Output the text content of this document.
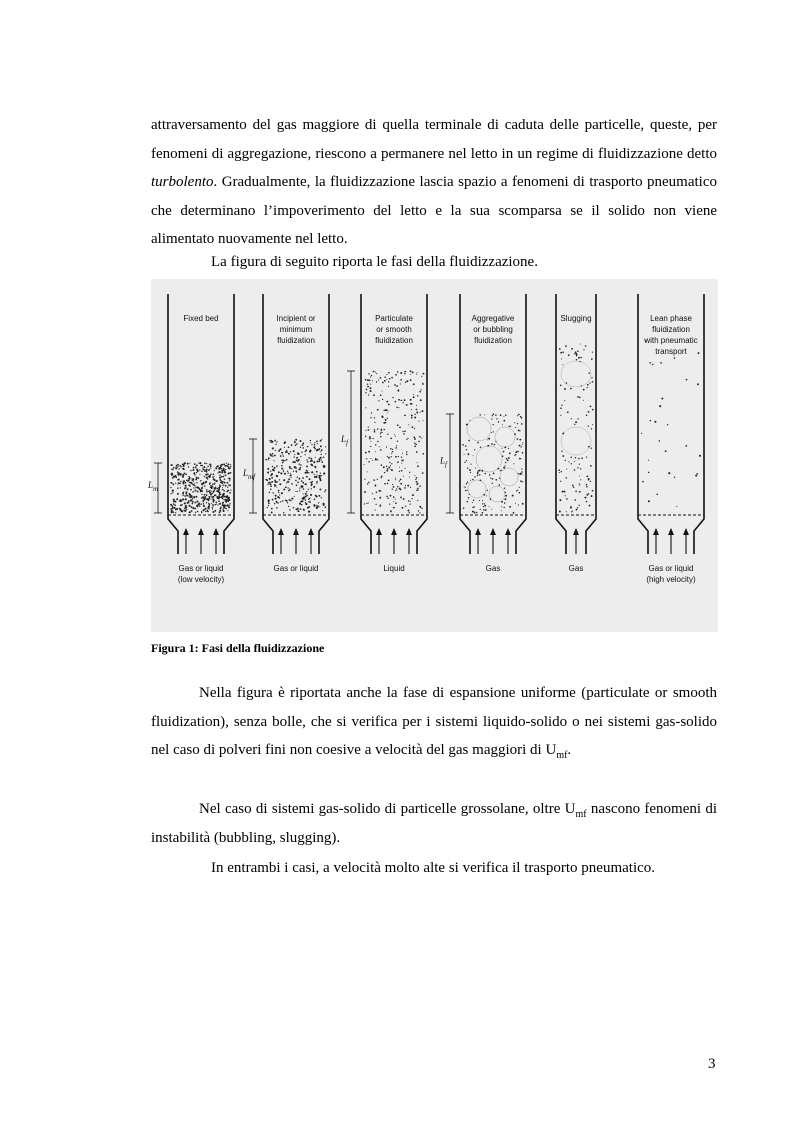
attraversamento del gas maggiore di quella terminale di caduta delle particelle, queste, per fenomeni di aggregazione, riescono a permanere nel letto in un regime di fluidizzazione detto turbolento. Gradualmente, la fluidizzazione lascia spazio a fenomeni di trasporto pneumatico che determinano l’impoverimento del letto e la sua scomparsa se il solido non viene alimentato nuovamente nel letto.

La figura di seguito riporta le fasi della fluidizzazione.

$L_m$
Fixed bed
Gas or liquid
(low velocity)
$L_{mf}$
Incipient or
minimum
fluidization
Gas or liquid
$L_f$
Particulate
or smooth
fluidization
Liquid
$L_f$
Aggregative
or bubbling
fluidization
Gas
Slugging
Gas
Lean phase
fluidization
with pneumatic
transport
Gas or liquid
(high velocity)
Figura 1: Fasi della fluidizzazione

Nella figura è riportata anche la fase di espansione uniforme (particulate or smooth fluidization), senza bolle, che si verifica per i sistemi liquido-solido o nei sistemi gas-solido nel caso di polveri fini non coesive a velocità del gas maggiori di $U_{mf}$.

Nel caso di sistemi gas-solido di particelle grossolane, oltre $U_{mf}$ nascono fenomeni di instabilità (bubbling, slugging).

In entrambi i casi, a velocità molto alte si verifica il trasporto pneumatico.

3
